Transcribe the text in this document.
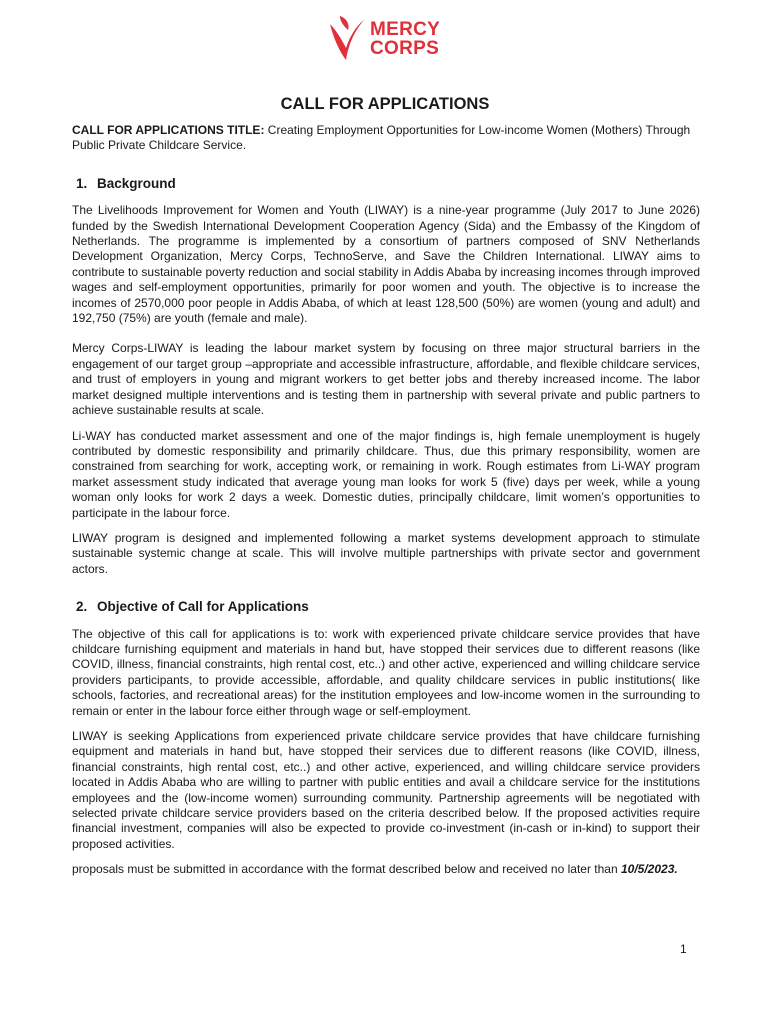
MERCY
CORPS
CALL FOR APPLICATIONS

CALL FOR APPLICATIONS TITLE: Creating Employment Opportunities for Low-income Women (Mothers) Through Public Private Childcare Service.

1. Background

The Livelihoods Improvement for Women and Youth (LIWAY) is a nine-year programme (July 2017 to June 2026) funded by the Swedish International Development Cooperation Agency (Sida) and the Embassy of the Kingdom of Netherlands. The programme is implemented by a consortium of partners composed of SNV Netherlands Development Organization, Mercy Corps, TechnoServe, and Save the Children International. LIWAY aims to contribute to sustainable poverty reduction and social stability in Addis Ababa by increasing incomes through improved wages and self-employment opportunities, primarily for poor women and youth. The objective is to increase the incomes of 2570,000 poor people in Addis Ababa, of which at least 128,500 (50%) are women (young and adult) and 192,750 (75%) are youth (female and male).

Mercy Corps-LIWAY is leading the labour market system by focusing on three major structural barriers in the engagement of our target group –appropriate and accessible infrastructure, affordable, and flexible childcare services, and trust of employers in young and migrant workers to get better jobs and thereby increased income. The labor market designed multiple interventions and is testing them in partnership with several private and public partners to achieve sustainable results at scale.

Li-WAY has conducted market assessment and one of the major findings is, high female unemployment is hugely contributed by domestic responsibility and primarily childcare. Thus, due this primary responsibility, women are constrained from searching for work, accepting work, or remaining in work. Rough estimates from Li-WAY program market assessment study indicated that average young man looks for work 5 (five) days per week, while a young woman only looks for work 2 days a week. Domestic duties, principally childcare, limit women’s opportunities to participate in the labour force.

LIWAY program is designed and implemented following a market systems development approach to stimulate sustainable systemic change at scale. This will involve multiple partnerships with private sector and government actors.

2. Objective of Call for Applications

The objective of this call for applications is to: work with experienced private childcare service provides that have childcare furnishing equipment and materials in hand but, have stopped their services due to different reasons (like COVID, illness, financial constraints, high rental cost, etc..) and other active, experienced and willing childcare service providers participants, to provide accessible, affordable, and quality childcare services in public institutions( like schools, factories, and recreational areas) for the institution employees and low-income women in the surrounding to remain or enter in the labour force either through wage or self-employment.

LIWAY is seeking Applications from experienced private childcare service provides that have childcare furnishing equipment and materials in hand but, have stopped their services due to different reasons (like COVID, illness, financial constraints, high rental cost, etc..) and other active, experienced, and willing childcare service providers located in Addis Ababa who are willing to partner with public entities and avail a childcare service for the institutions employees and the (low-income women) surrounding community. Partnership agreements will be negotiated with selected private childcare service providers based on the criteria described below. If the proposed activities require financial investment, companies will also be expected to provide co-investment (in-cash or in-kind) to support their proposed activities.

proposals must be submitted in accordance with the format described below and received no later than 10/5/2023.

1
